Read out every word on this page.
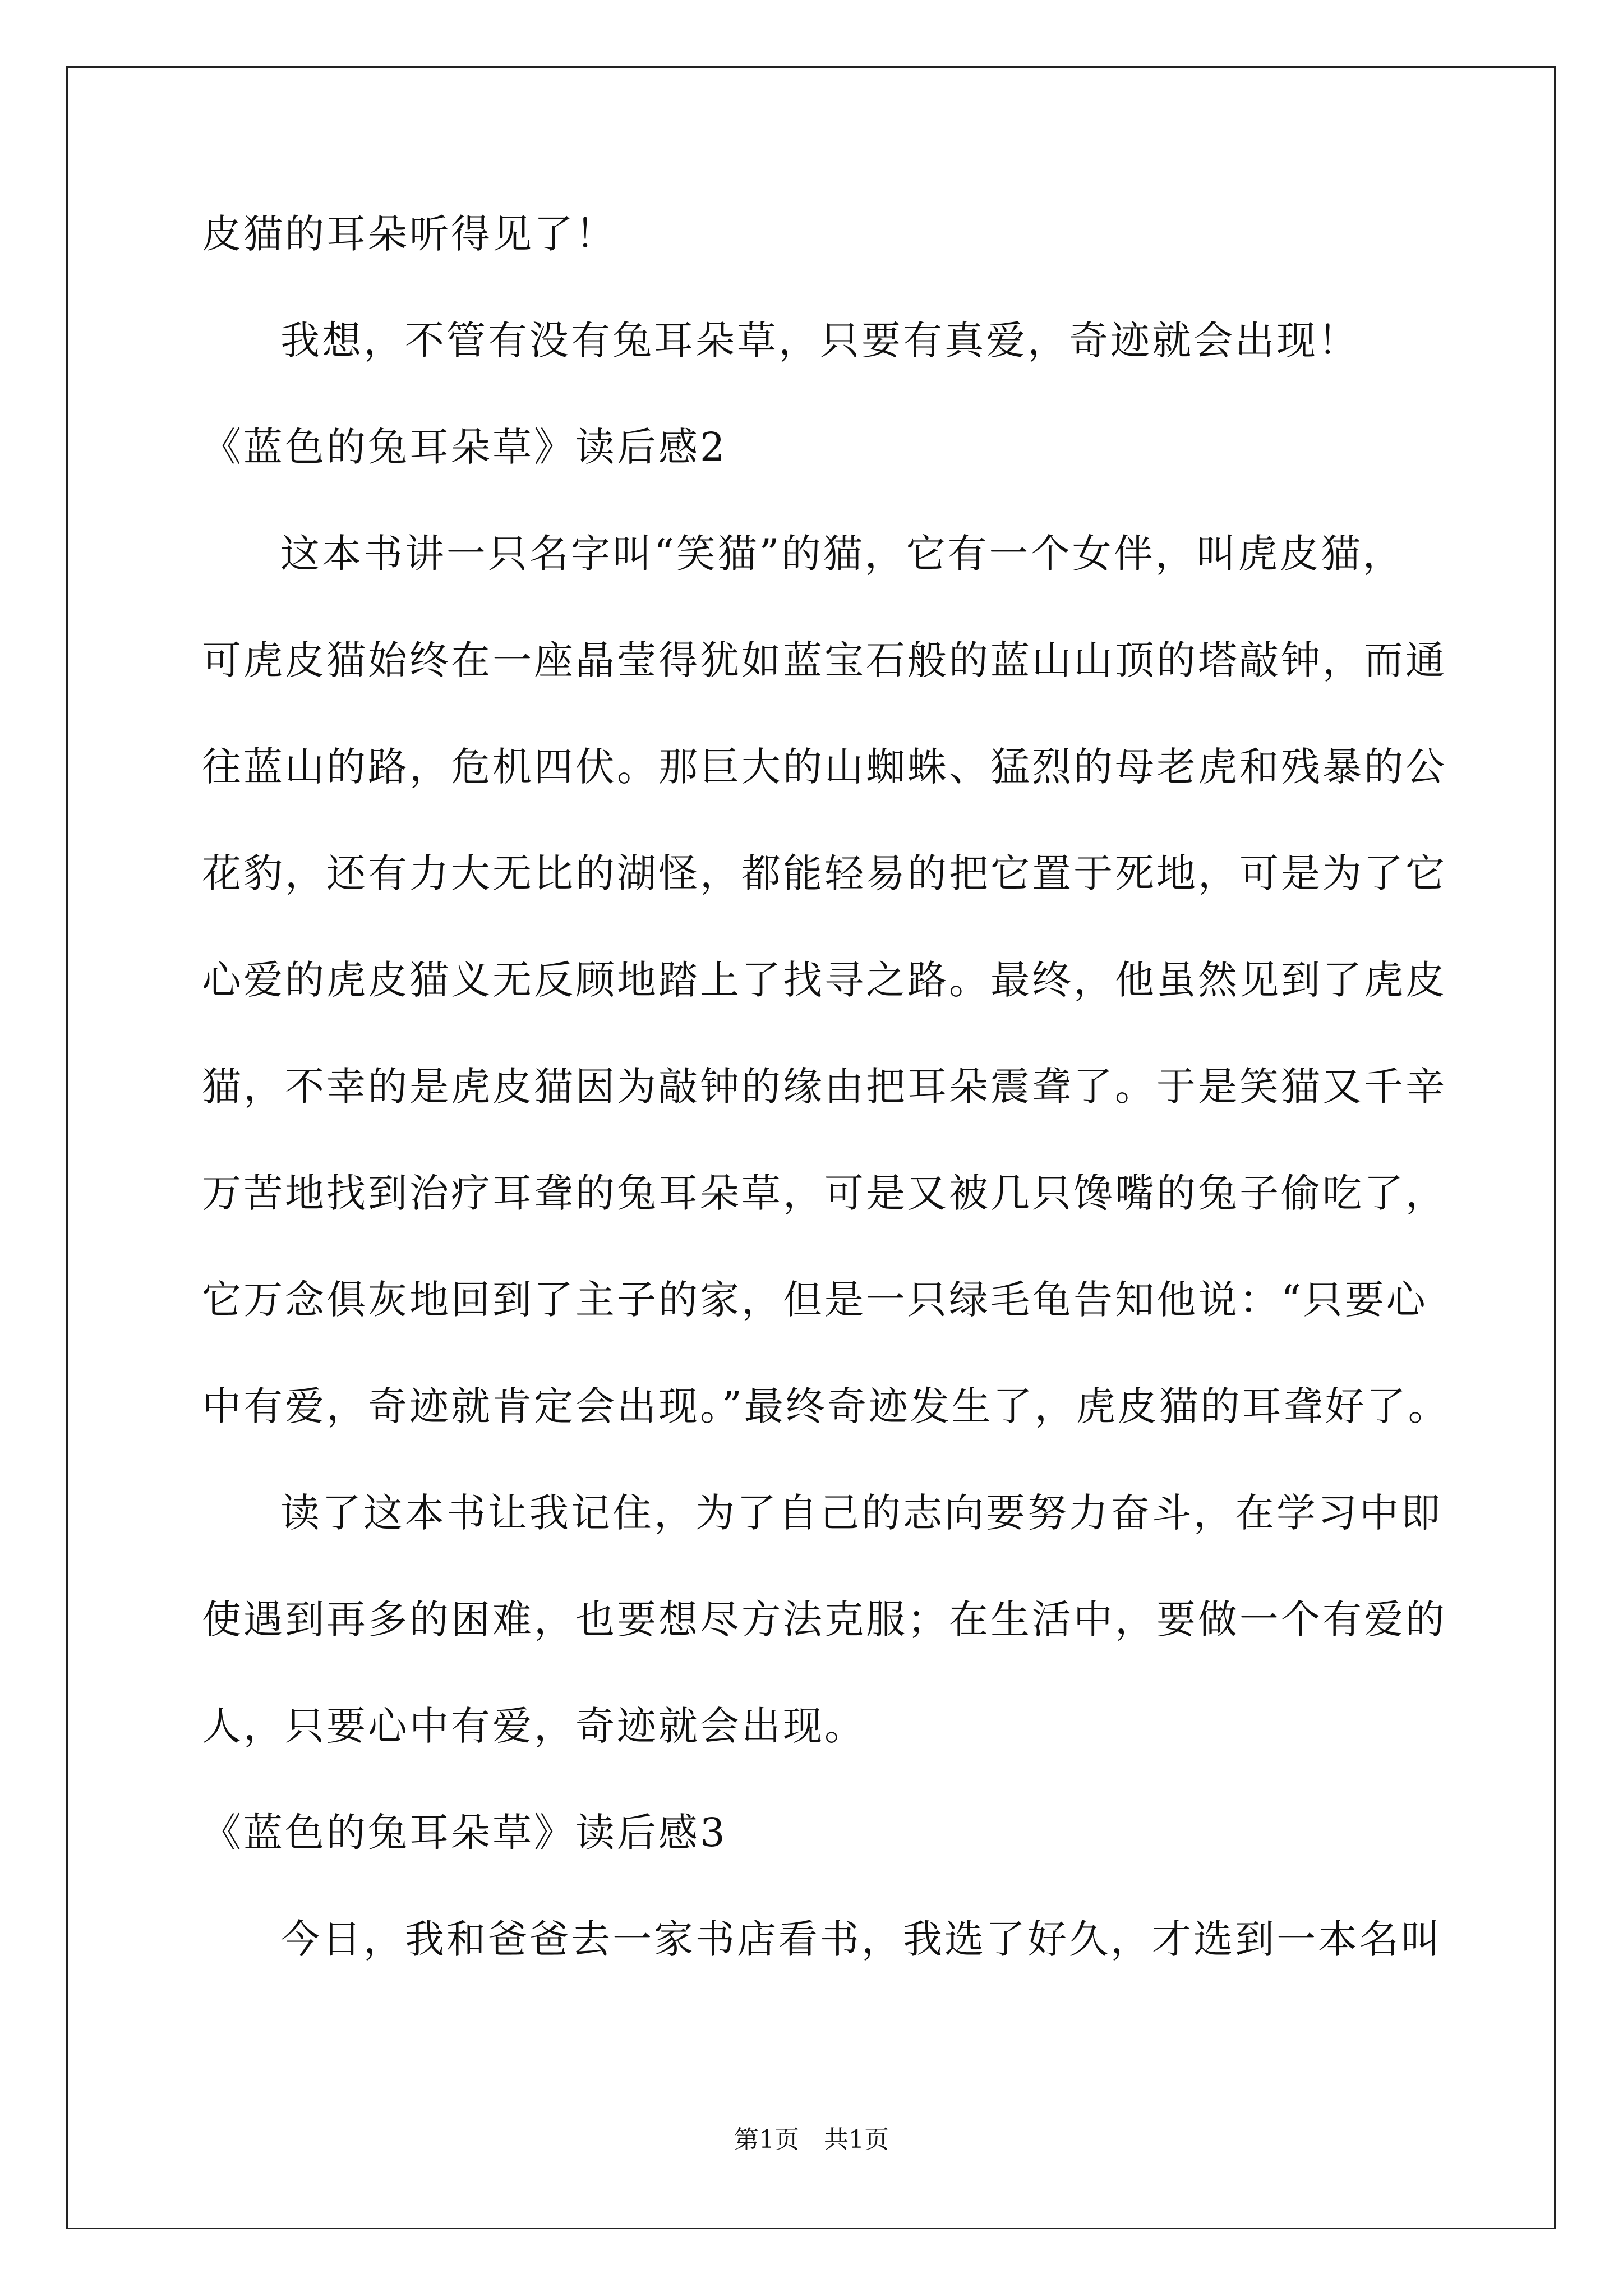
皮猫的耳朵听得见了！
我想，不管有没有兔耳朵草，只要有真爱，奇迹就会出现！
《蓝色的兔耳朵草》读后感2
这本书讲一只名字叫“笑猫”的猫，它有一个女伴，叫虎皮猫，
可虎皮猫始终在一座晶莹得犹如蓝宝石般的蓝山山顶的塔敲钟，而通
往蓝山的路，危机四伏。那巨大的山蜘蛛、猛烈的母老虎和残暴的公
花豹，还有力大无比的湖怪，都能轻易的把它置于死地，可是为了它
心爱的虎皮猫义无反顾地踏上了找寻之路。最终，他虽然见到了虎皮
猫，不幸的是虎皮猫因为敲钟的缘由把耳朵震聋了。于是笑猫又千辛
万苦地找到治疗耳聋的兔耳朵草，可是又被几只馋嘴的兔子偷吃了，
它万念俱灰地回到了主子的家，但是一只绿毛龟告知他说：“只要心
中有爱，奇迹就肯定会出现。”最终奇迹发生了，虎皮猫的耳聋好了。
读了这本书让我记住，为了自己的志向要努力奋斗，在学习中即
使遇到再多的困难，也要想尽方法克服；在生活中，要做一个有爱的
人，只要心中有爱，奇迹就会出现。
《蓝色的兔耳朵草》读后感3
今日，我和爸爸去一家书店看书，我选了好久，才选到一本名叫
第1页　共1页
